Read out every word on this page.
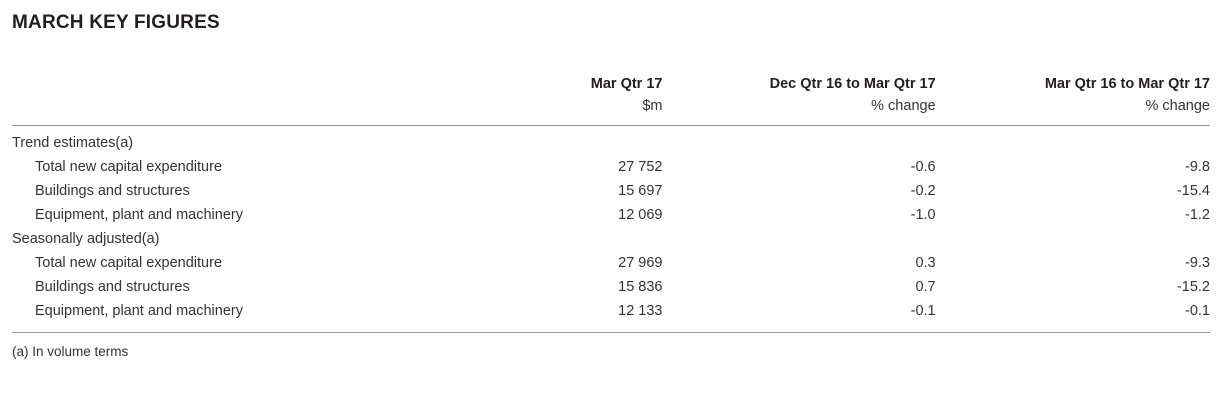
MARCH KEY FIGURES
	Mar Qtr 17	Dec Qtr 16 to Mar Qtr 17	Mar Qtr 16 to Mar Qtr 17
	$m	% change	% change

Trend estimates(a)			
Total new capital expenditure	27 752	-0.6	-9.8
Buildings and structures	15 697	-0.2	-15.4
Equipment, plant and machinery	12 069	-1.0	-1.2
Seasonally adjusted(a)			
Total new capital expenditure	27 969	0.3	-9.3
Buildings and structures	15 836	0.7	-15.2
Equipment, plant and machinery	12 133	-0.1	-0.1
(a) In volume terms
